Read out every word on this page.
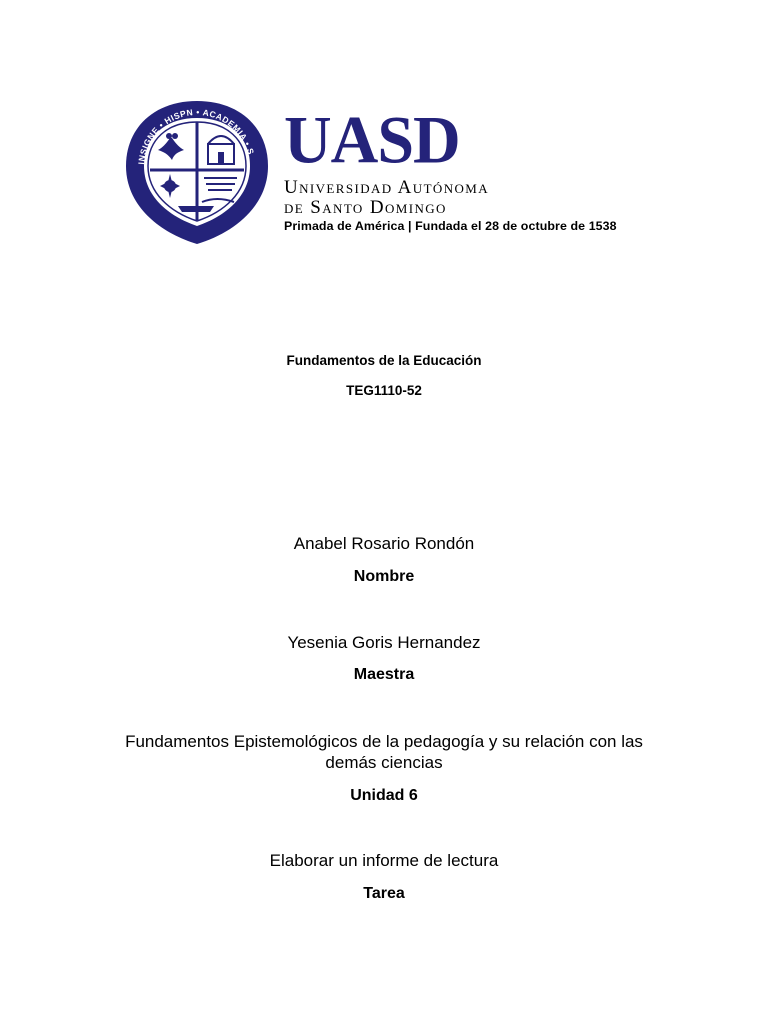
INSIGNE • HISPN • ACADEMIA • S UASD
Universidad Autónoma
de Santo Domingo
Primada de América | Fundada el 28 de octubre de 1538
Fundamentos de la Educación
TEG1110-52
Anabel Rosario Rondón
Nombre
Yesenia Goris Hernandez
Maestra
Fundamentos Epistemológicos de la pedagogía y su relación con las
demás ciencias
Unidad 6
Elaborar un informe de lectura
Tarea
